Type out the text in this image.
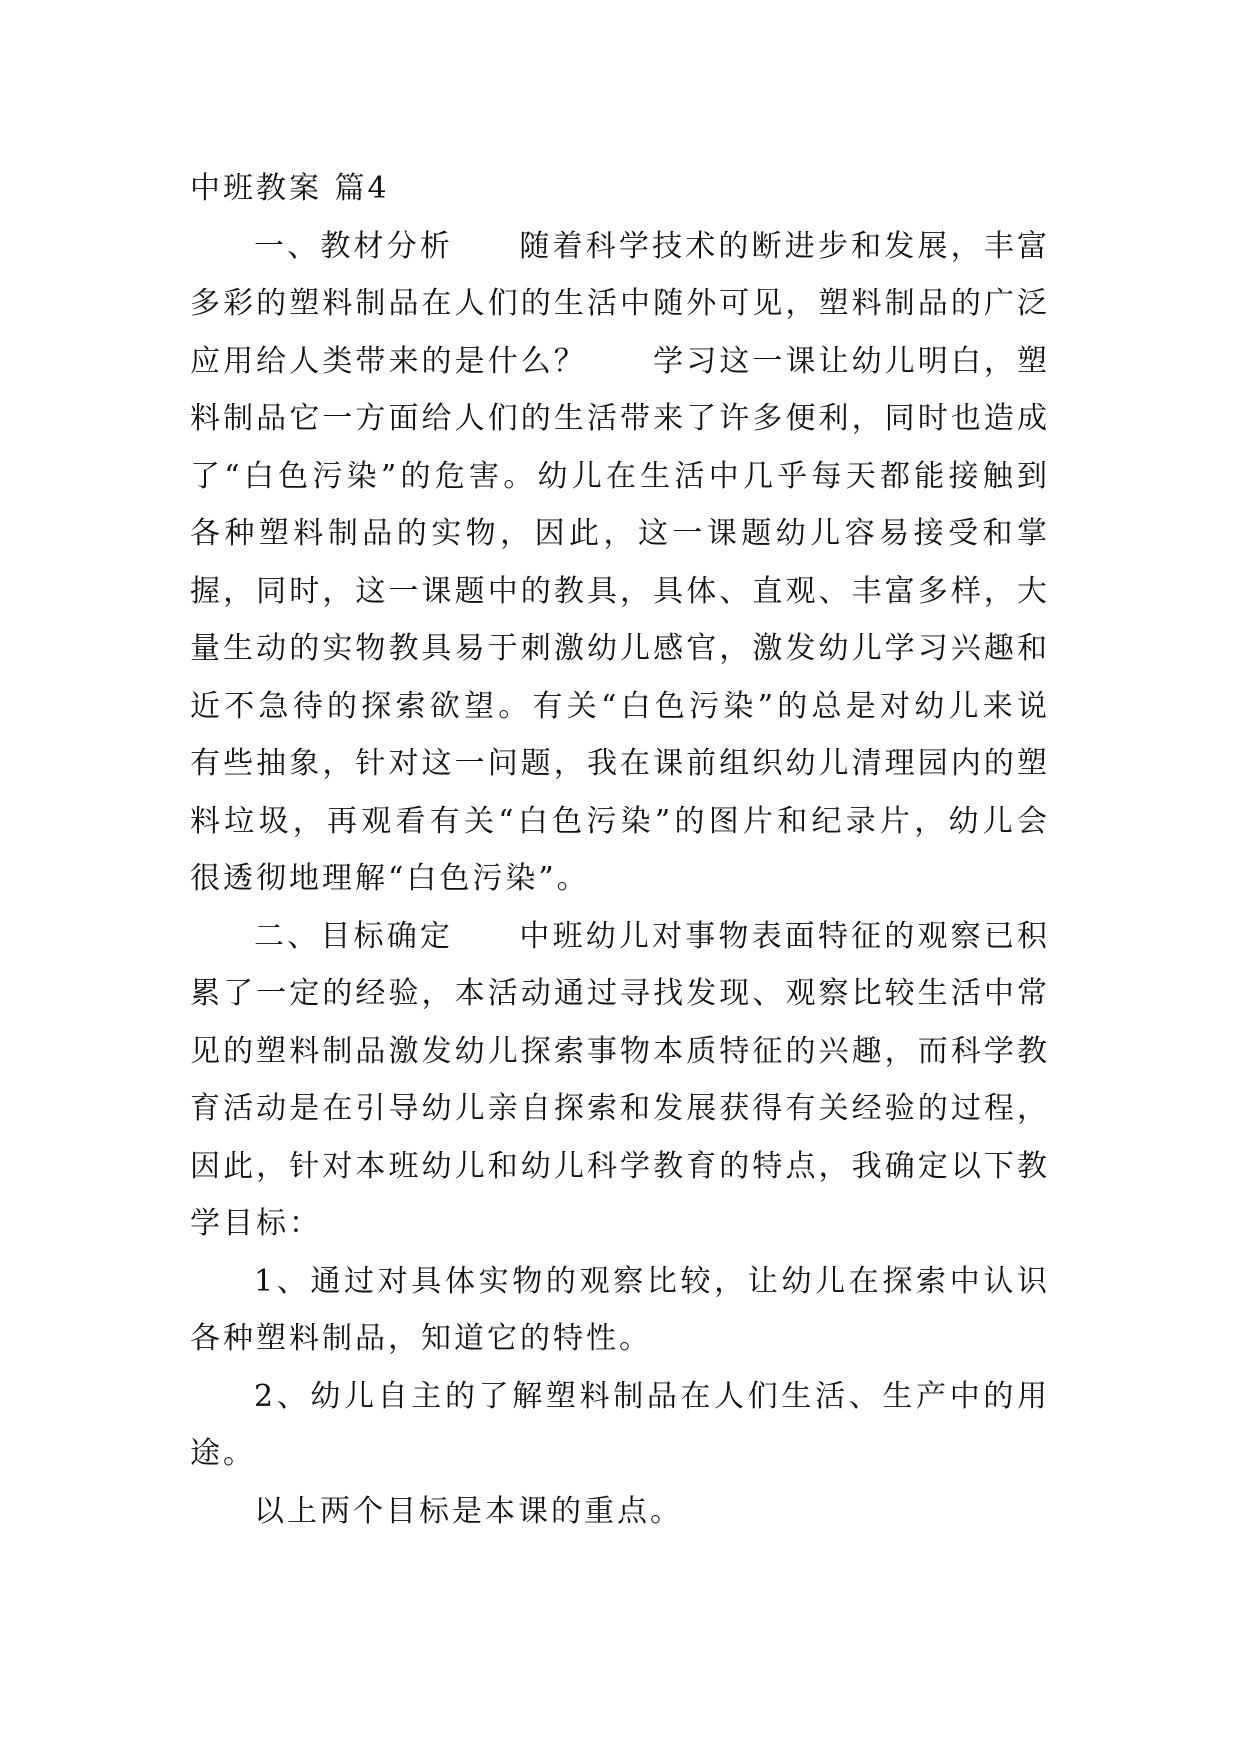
中班教案 篇4

一、教材分析　　随着科学技术的断进步和发展，丰富多彩的塑料制品在人们的生活中随外可见，塑料制品的广泛应用给人类带来的是什么？　　学习这一课让幼儿明白，塑料制品它一方面给人们的生活带来了许多便利，同时也造成了“白色污染”的危害。幼儿在生活中几乎每天都能接触到各种塑料制品的实物，因此，这一课题幼儿容易接受和掌握，同时，这一课题中的教具，具体、直观、丰富多样，大量生动的实物教具易于刺激幼儿感官，激发幼儿学习兴趣和近不急待的探索欲望。有关“白色污染”的总是对幼儿来说有些抽象，针对这一问题，我在课前组织幼儿清理园内的塑料垃圾，再观看有关“白色污染”的图片和纪录片，幼儿会很透彻地理解“白色污染”。

二、目标确定　　中班幼儿对事物表面特征的观察已积累了一定的经验，本活动通过寻找发现、观察比较生活中常见的塑料制品激发幼儿探索事物本质特征的兴趣，而科学教育活动是在引导幼儿亲自探索和发展获得有关经验的过程，因此，针对本班幼儿和幼儿科学教育的特点，我确定以下教学目标：

1、通过对具体实物的观察比较，让幼儿在探索中认识各种塑料制品，知道它的特性。

2、幼儿自主的了解塑料制品在人们生活、生产中的用途。

以上两个目标是本课的重点。
